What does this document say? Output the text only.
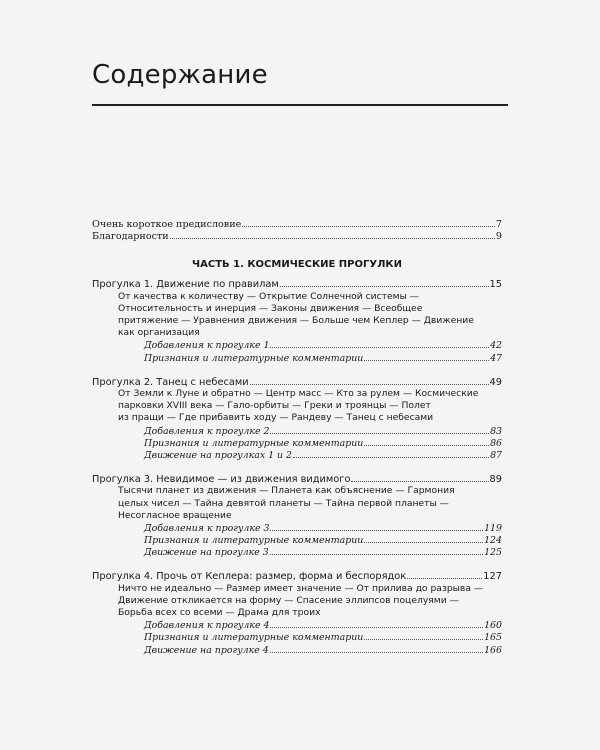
Содержание
Очень короткое предисловие	7
Благодарности	9
ЧАСТЬ 1. КОСМИЧЕСКИЕ ПРОГУЛКИ
Прогулка 1. Движение по правилам	15
От качества к количеству — Открытие Солнечной системы —
Относительность и инерция — Законы движения — Всеобщее
притяжение — Уравнения движения — Больше чем Кеплер — Движение
как организация
Добавления к прогулке 1	42
Признания и литературные комментарии	47
Прогулка 2. Танец с небесами	49
От Земли к Луне и обратно — Центр масс — Кто за рулем — Космические
парковки XVIII века — Гало-орбиты — Греки и троянцы — Полет
из пращи — Где прибавить ходу — Рандеву — Танец с небесами
Добавления к прогулке 2	83
Признания и литературные комментарии	86
Движение на прогулках 1 и 2	87
Прогулка 3. Невидимое — из движения видимого	89
Тысячи планет из движения — Планета как объяснение — Гармония
целых чисел — Тайна девятой планеты — Тайна первой планеты —
Несогласное вращение
Добавления к прогулке 3	119
Признания и литературные комментарии	124
Движение на прогулке 3	125
Прогулка 4. Прочь от Кеплера: размер, форма и беспорядок	127
Ничто не идеально — Размер имеет значение — От прилива до разрыва —
Движение откликается на форму — Спасение эллипсов поцелуями —
Борьба всех со всеми — Драма для троих
Добавления к прогулке 4	160
Признания и литературные комментарии	165
Движение на прогулке 4	166
